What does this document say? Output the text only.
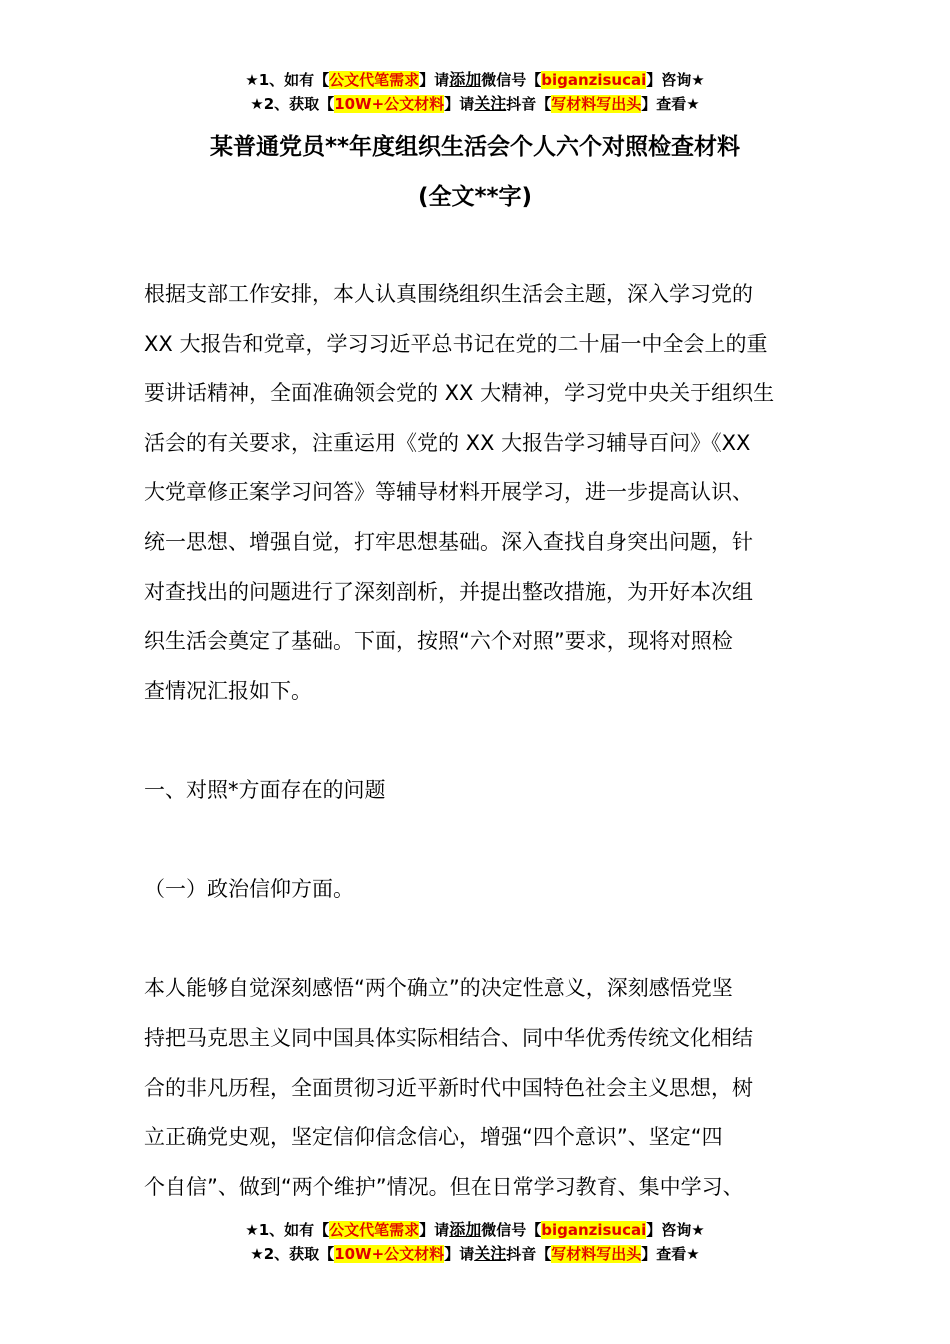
★1、如有【公文代笔需求】请添加微信号【biganzisucai】咨询★
★2、获取【10W+公文材料】请关注抖音【写材料写出头】查看★
某普通党员**年度组织生活会个人六个对照检查材料
(全文**字)

根据支部工作安排，本人认真围绕组织生活会主题，深入学习党的

XX 大报告和党章，学习习近平总书记在党的二十届一中全会上的重

要讲话精神，全面准确领会党的 XX 大精神，学习党中央关于组织生

活会的有关要求，注重运用《党的 XX 大报告学习辅导百问》《XX

大党章修正案学习问答》等辅导材料开展学习，进一步提高认识、

统一思想、增强自觉，打牢思想基础。深入查找自身突出问题，针

对查找出的问题进行了深刻剖析，并提出整改措施，为开好本次组

织生活会奠定了基础。下面，按照“六个对照”要求，现将对照检

查情况汇报如下。

一、对照*方面存在的问题

（一）政治信仰方面。

本人能够自觉深刻感悟“两个确立”的决定性意义，深刻感悟党坚

持把马克思主义同中国具体实际相结合、同中华优秀传统文化相结

合的非凡历程，全面贯彻习近平新时代中国特色社会主义思想，树

立正确党史观，坚定信仰信念信心，增强“四个意识”、坚定“四

个自信”、做到“两个维护”情况。但在日常学习教育、集中学习、

★1、如有【公文代笔需求】请添加微信号【biganzisucai】咨询★
★2、获取【10W+公文材料】请关注抖音【写材料写出头】查看★
